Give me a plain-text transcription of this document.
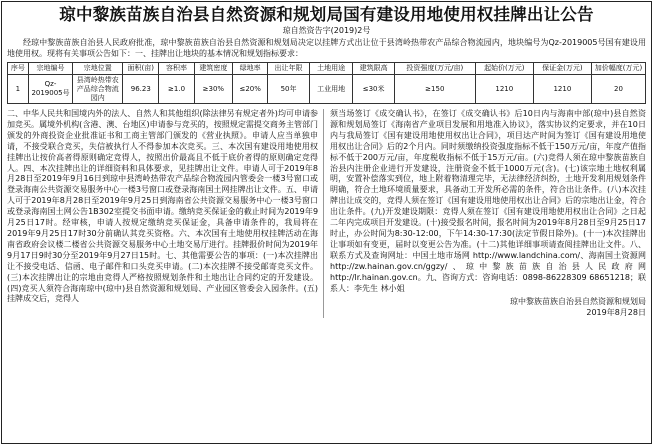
琼中黎族苗族自治县自然资源和规划局国有建设用地使用权挂牌出让公告
琼自然资告字(2019)2号

经琼中黎族苗族自治县人民政府批准，琼中黎族苗族自治县自然资源和规划局决定以挂牌方式出让位于县湾岭热带农产品综合物流园内，地块编号为Qz-2019005号国有建设用地使用权。现将有关事项公告如下：一、挂牌出让地块的基本情况和规划指标要求：

序号	宗地编号	宗地位置	面积(亩)	容积率	建筑密度	绿地率	出让年限	土地用途	建筑限高	投资强度(万元/亩)	起始价(万元)	保证金(万元)	加价幅度(万元)
1	Qz-2019005号	县湾岭热带农产品综合物流园内	96.23	≥1.0	≥30%	≤20%	50年	工业用地	≤30米	≥150	1210	1210	20

二、中华人民共和国境内外的法人、自然人和其他组织(除法律另有规定者外)均可申请参加竞买。属境外机构(含港、澳、台地区)申请参与竞买的，按照规定需提交商务主管部门颁发的外商投资企业批准证书和工商主管部门颁发的《营业执照》。申请人应当单独申请，不接受联合竞买，失信被执行人不得参加本次竞买。三、本次国有建设用地使用权挂牌出让按价高者得原则确定竞得人，按照出价最高且不低于底价者得的原则确定竞得人。四、本次挂牌出让的详细资料和具体要求，见挂牌出让文件。申请人可于2019年8月28日至2019年9月16日到琼中县湾岭热带农产品综合物流园内管委会一楼3号窗口或登录海南公共资源交易服务中心一楼3号窗口或登录海南国土网挂牌出让文件。五、申请人可于2019年8月28日至2019年9月25日到海南省公共资源交易服务中心一楼3号窗口或登录海南国土网公告1B302室提交书面申请。缴纳竞买保证金的截止时间为2019年9月25日17时。经审核，申请人按规定缴纳竞买保证金，具备申请条件的，我局将在2019年9月25日17时30分前确认其竞买资格。六、本次国有土地使用权挂牌活动在海南省政府会议楼二楼省公共资源交易服务中心土地交易厅进行。挂牌报价时间为2019年9月17日9时30分至2019年9月27日15时。七、其他需要公告的事项：(一)本次挂牌出让不接受电话、信函、电子邮件和口头竞买申请。(二)本次挂牌不接受邮寄竞买文件。(三)本次挂牌出让的宗地由竞得人严格按照规划条件和土地出让合同约定的开发建设。(四)竞买人须符合海南琼中(琼中)县自然资源和规划局、产业园区管委会入园条件。(五)挂牌成交后，竞得人

须当场签订《成交确认书》，在签订《成交确认书》后10日内与海南中部(琼中)县自然资源和规划局签订《海南省产业项目发展和用地准入协议》，落实协议约定要求，并在10日内与我局签订《国有建设用地使用权出让合同》，项目达产时间为签订《国有建设用地使用权出让合同》后的2个月内。同时须缴纳投资强度指标不低于150万元/亩，年度产值指标不低于200万元/亩，年度税收指标不低于15万元/亩。(六)竞得人须在琼中黎族苗族自治县内注册企业进行开发建设，注册资金不低于1000万元(含)。(七)该宗地土地权利属明，安置补偿落实到位，地上附着物清理完毕，无法律经济纠纷，土地开发利用规划条件明确，符合土地环境质量要求，具备动工开发所必需的条件，符合出让条件。(八)本次挂牌出让成交的，竞得人须在签订《国有建设用地使用权出让合同》后的宗地出让金，符合出让条件。(九)开发建设期限：竞得人须在签订《国有建设用地使用权出让合同》之日起二年内完成项目开发建设。(十)接受报名时间，报名时间为2019年8月28日至9月25日17时止，办公时间为8:30-12:00，下午14:30-17:30(法定节假日除外)。(十一)本次挂牌出让事项如有变更，届时以变更公告为准。(十二)其他详细事项请查阅挂牌出让文件。八、联系方式及查询网址：中国土地市场网 http://www.landchina.com/、海南国土资源网 http://zw.hainan.gov.cn/ggzy/、琼中黎族苗族自治县人民政府网 http://lr.hainan.gov.cn。九、咨询方式：咨询电话：0898-86228309 68651218；联系人：李先生 林小姐

琼中黎族苗族自治县自然资源和规划局
2019年8月28日
